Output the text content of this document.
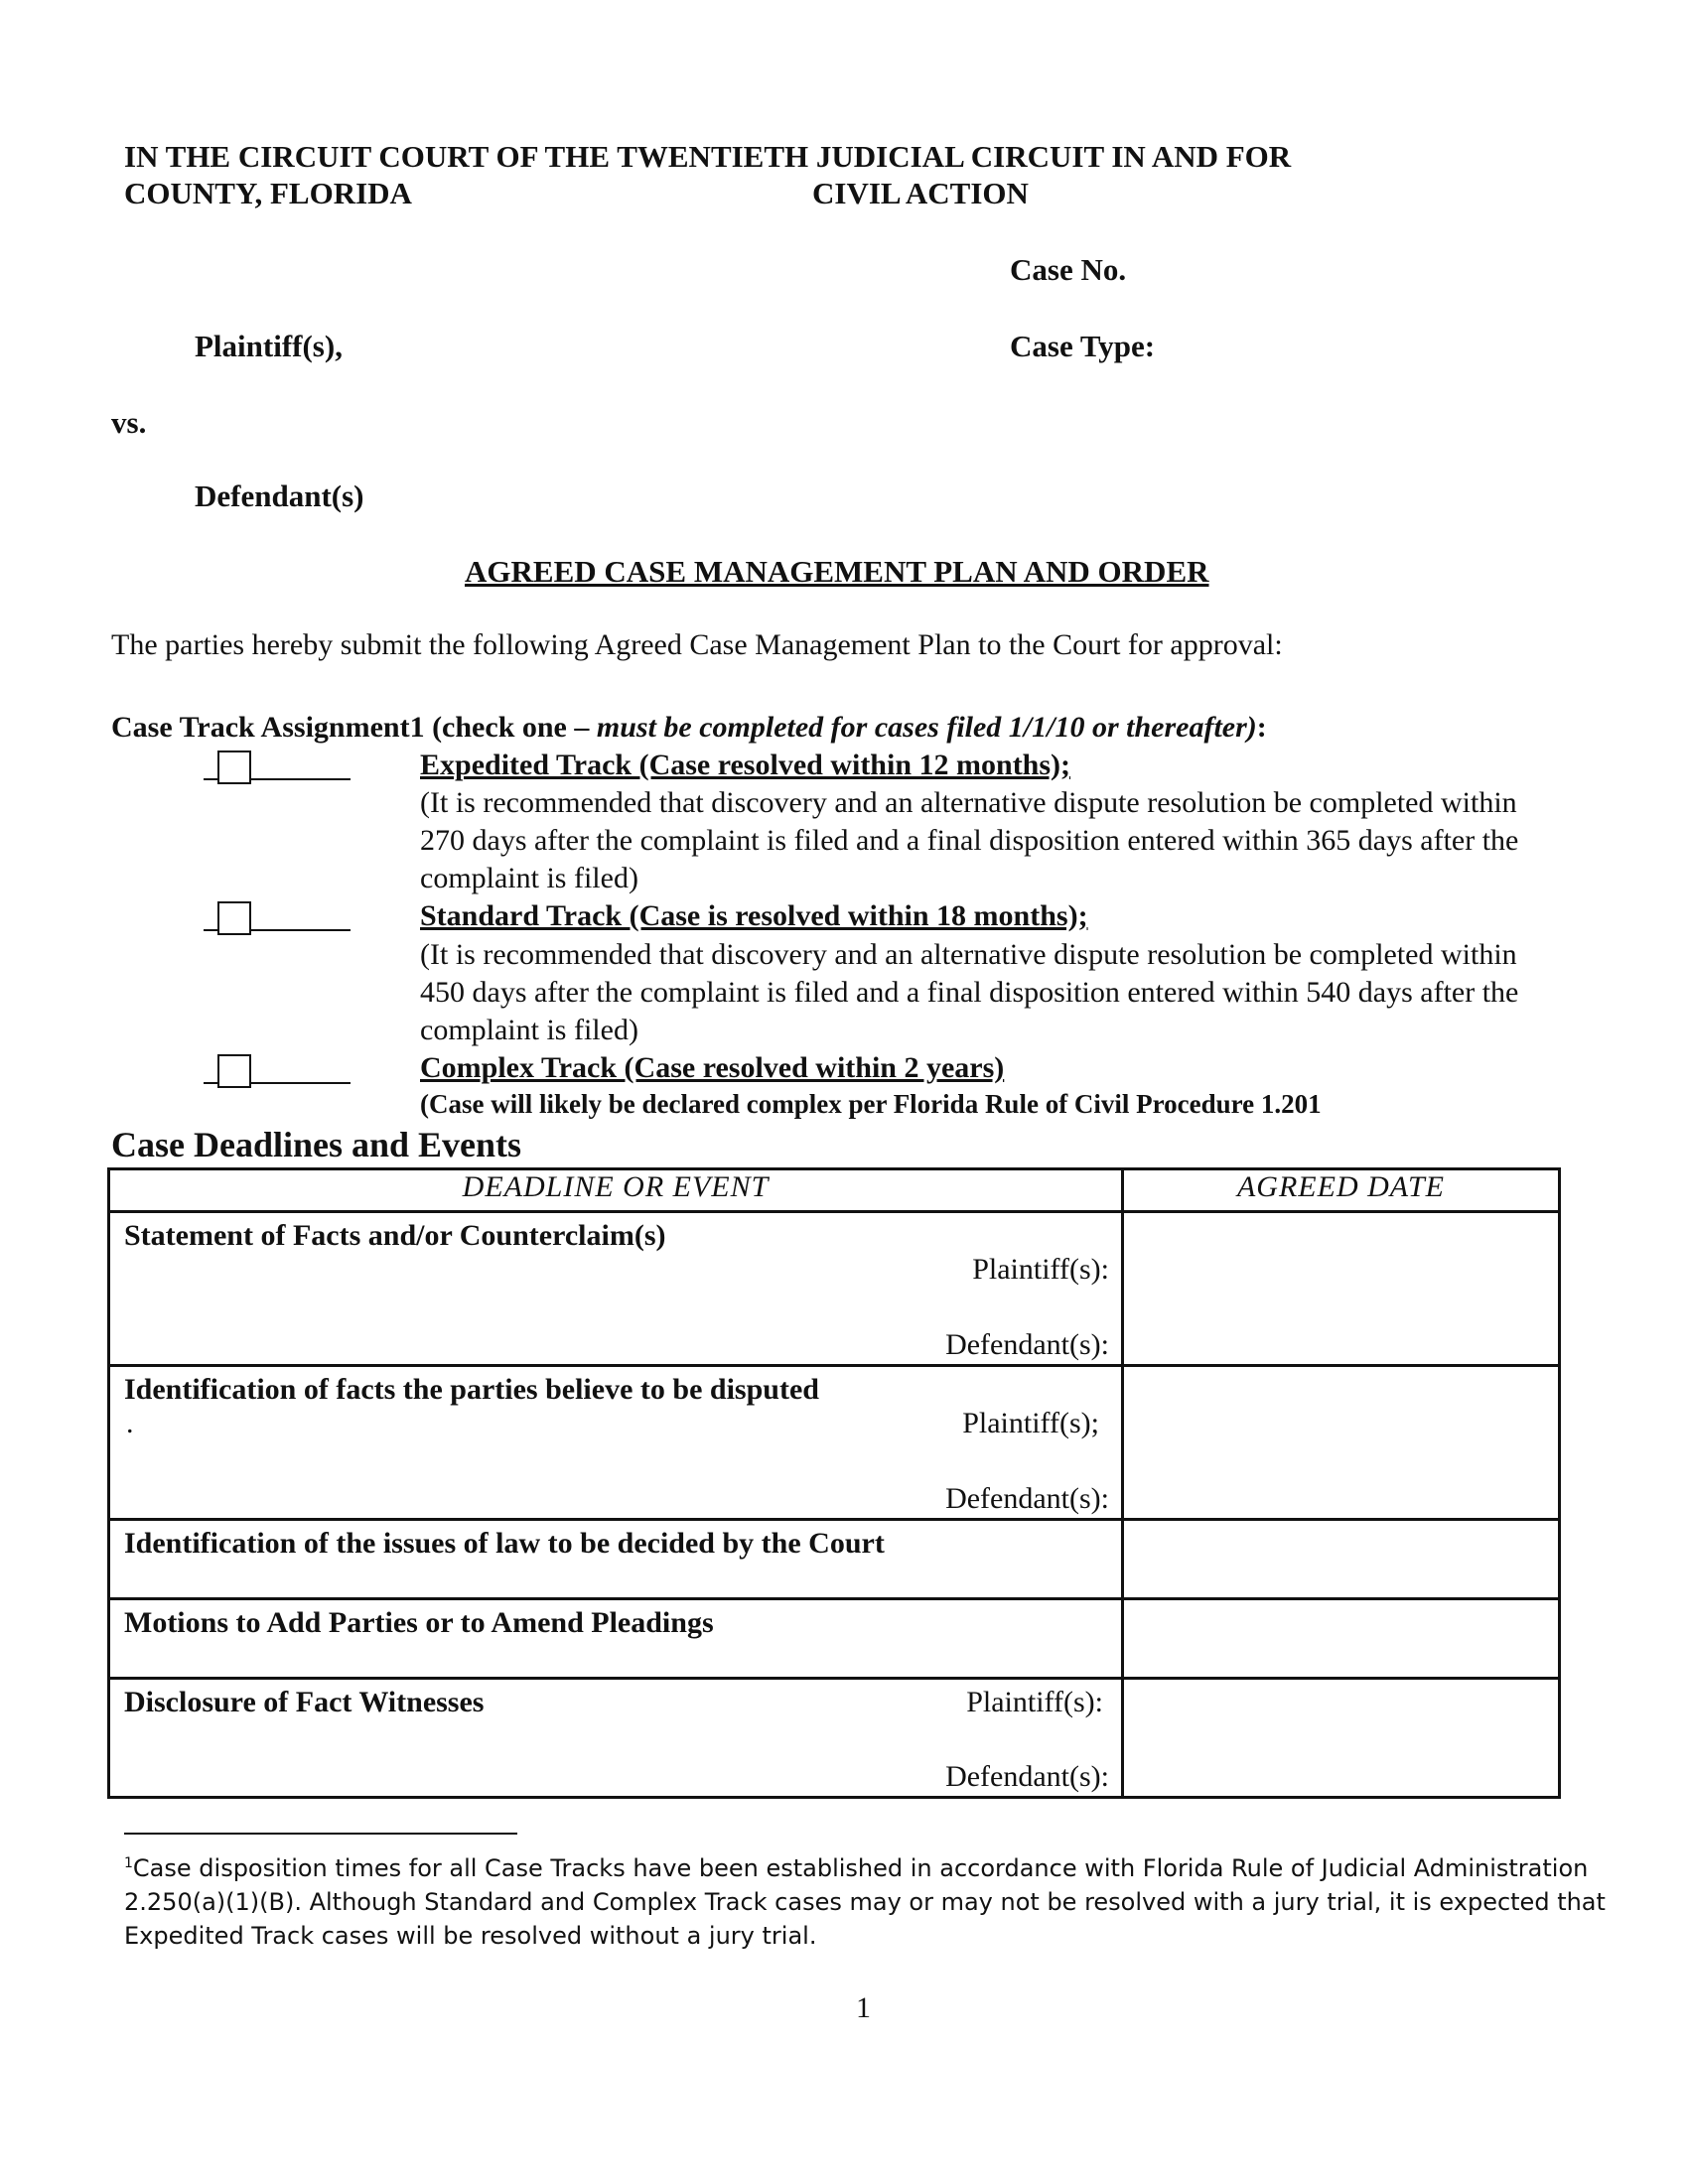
IN THE CIRCUIT COURT OF THE TWENTIETH JUDICIAL CIRCUIT IN AND FOR
COUNTY, FLORIDA	CIVIL ACTION
Case No.
Plaintiff(s),	Case Type:
vs.
Defendant(s)
AGREED CASE MANAGEMENT PLAN AND ORDER
The parties hereby submit the following Agreed Case Management Plan to the Court for approval:
Case Track Assignment1 (check one – must be completed for cases filed 1/1/10 or thereafter):
Expedited Track (Case resolved within 12 months);
(It is recommended that discovery and an alternative dispute resolution be completed within 270 days after the complaint is filed and a final disposition entered within 365 days after the complaint is filed)
Standard Track (Case is resolved within 18 months);
(It is recommended that discovery and an alternative dispute resolution be completed within 450 days after the complaint is filed and a final disposition entered within 540 days after the complaint is filed)
Complex Track (Case resolved within 2 years)
(Case will likely be declared complex per Florida Rule of Civil Procedure 1.201
Case Deadlines and Events
DEADLINE OR EVENT	AGREED DATE

Statement of Facts and/or Counterclaim(s)
Plaintiff(s):
Defendant(s):	

Identification of facts the parties believe to be disputed
. Plaintiff(s);
Defendant(s):	

Identification of the issues of law to be decided by the Court	

Motions to Add Parties or to Amend Pleadings	

Disclosure of Fact Witnesses Plaintiff(s):
Defendant(s):	

$^1$Case disposition times for all Case Tracks have been established in accordance with Florida Rule of Judicial Administration 2.250(a)(1)(B). Although Standard and Complex Track cases may or may not be resolved with a jury trial, it is expected that Expedited Track cases will be resolved without a jury trial.
1
